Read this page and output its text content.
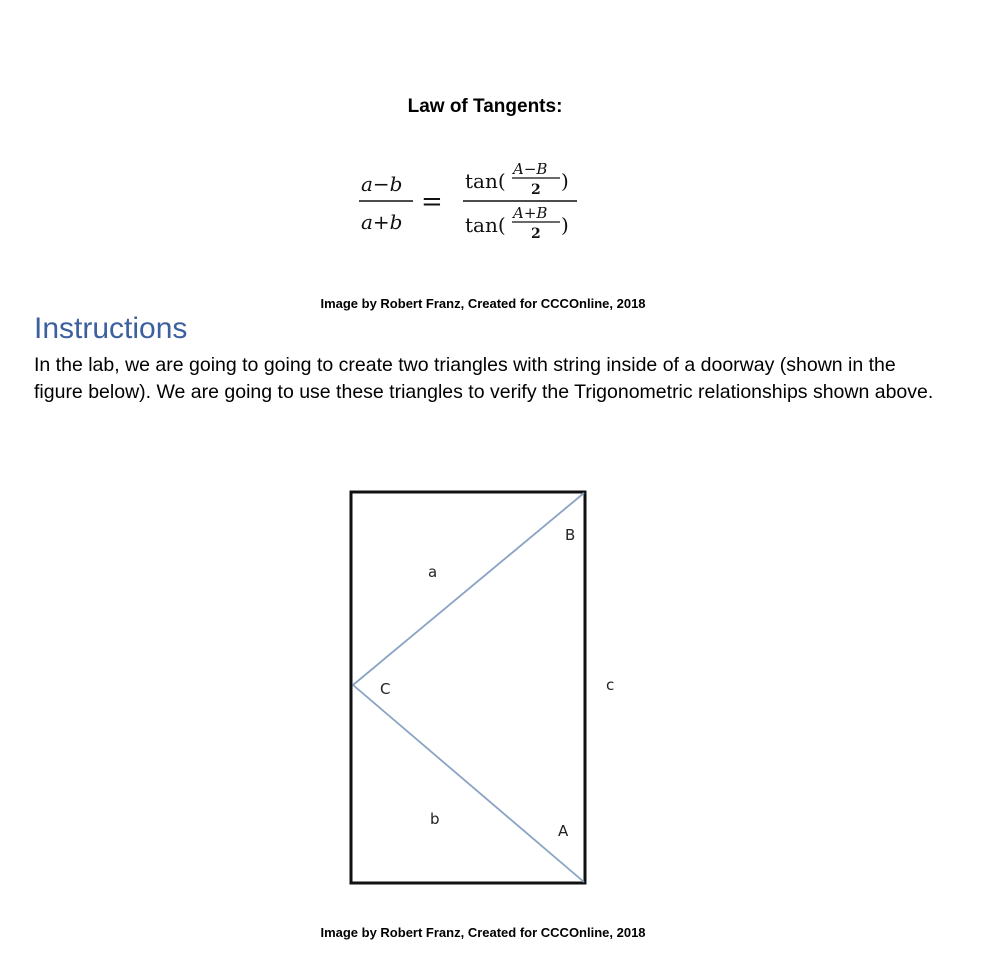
Law of Tangents:
a−b
a+b
=
tan( A−B
2 )
tan( A+B
2 )
Image by Robert Franz, Created for CCCOnline, 2018
Instructions

In the lab, we are going to going to create two triangles with string inside of a doorway (shown in the figure below). We are going to use these triangles to verify the Trigonometric relationships shown above.

a
b
c
A
B
C
Image by Robert Franz, Created for CCCOnline, 2018
